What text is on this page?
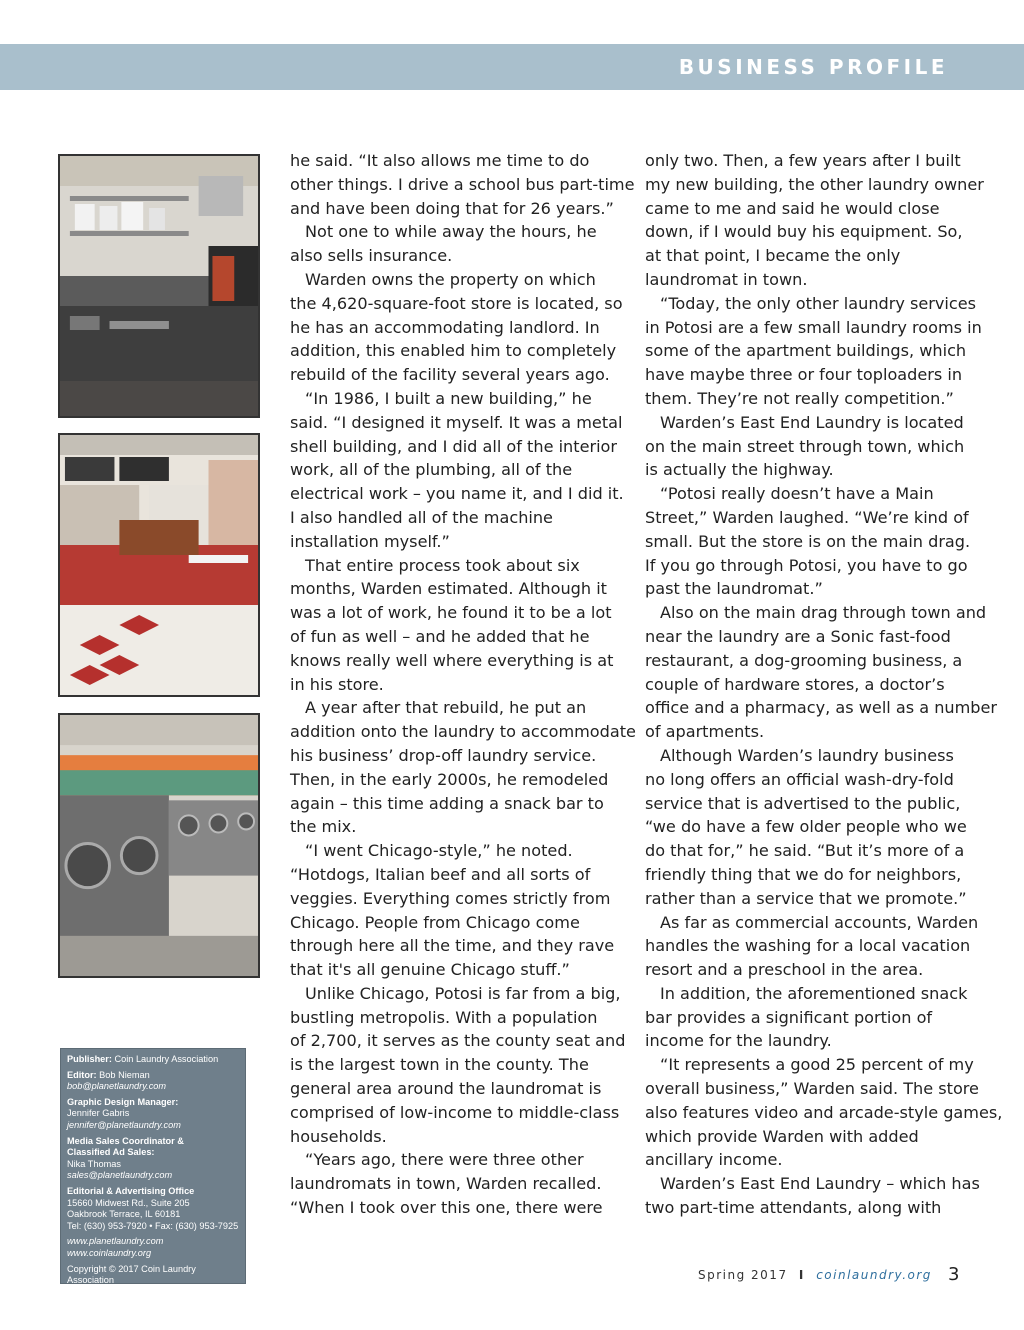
BUSINESS PROFILE
Publisher: Coin Laundry Association
Editor: Bob Nieman
bob@planetlaundry.com
Graphic Design Manager:
Jennifer Gabris
jennifer@planetlaundry.com
Media Sales Coordinator &
Classified Ad Sales:
Nika Thomas
sales@planetlaundry.com
Editorial & Advertising Office
15660 Midwest Rd., Suite 205
Oakbrook Terrace, IL 60181
Tel: (630) 953-7920 • Fax: (630) 953-7925
www.planetlaundry.com
www.coinlaundry.org
Copyright © 2017 Coin Laundry Association

he said. “It also allows me time to do

other things. I drive a school bus part-time

and have been doing that for 26 years.”

Not one to while away the hours, he

also sells insurance.

Warden owns the property on which

the 4,620-square-foot store is located, so

he has an accommodating landlord. In

addition, this enabled him to completely

rebuild of the facility several years ago.

“In 1986, I built a new building,” he

said. “I designed it myself. It was a metal

shell building, and I did all of the interior

work, all of the plumbing, all of the

electrical work – you name it, and I did it.

I also handled all of the machine

installation myself.”

That entire process took about six

months, Warden estimated. Although it

was a lot of work, he found it to be a lot

of fun as well – and he added that he

knows really well where everything is at

in his store.

A year after that rebuild, he put an

addition onto the laundry to accommodate

his business’ drop-off laundry service.

Then, in the early 2000s, he remodeled

again – this time adding a snack bar to

the mix.

“I went Chicago-style,” he noted.

“Hotdogs, Italian beef and all sorts of

veggies. Everything comes strictly from

Chicago. People from Chicago come

through here all the time, and they rave

that it's all genuine Chicago stuff.”

Unlike Chicago, Potosi is far from a big,

bustling metropolis. With a population

of 2,700, it serves as the county seat and

is the largest town in the county. The

general area around the laundromat is

comprised of low-income to middle-class

households.

“Years ago, there were three other

laundromats in town, Warden recalled.

“When I took over this one, there were

only two. Then, a few years after I built

my new building, the other laundry owner

came to me and said he would close

down, if I would buy his equipment. So,

at that point, I became the only

laundromat in town.

“Today, the only other laundry services

in Potosi are a few small laundry rooms in

some of the apartment buildings, which

have maybe three or four toploaders in

them. They’re not really competition.”

Warden’s East End Laundry is located

on the main street through town, which

is actually the highway.

“Potosi really doesn’t have a Main

Street,” Warden laughed. “We’re kind of

small. But the store is on the main drag.

If you go through Potosi, you have to go

past the laundromat.”

Also on the main drag through town and

near the laundry are a Sonic fast-food

restaurant, a dog-grooming business, a

couple of hardware stores, a doctor’s

office and a pharmacy, as well as a number

of apartments.

Although Warden’s laundry business

no long offers an official wash-dry-fold

service that is advertised to the public,

“we do have a few older people who we

do that for,” he said. “But it’s more of a

friendly thing that we do for neighbors,

rather than a service that we promote.”

As far as commercial accounts, Warden

handles the washing for a local vacation

resort and a preschool in the area.

In addition, the aforementioned snack

bar provides a significant portion of

income for the laundry.

“It represents a good 25 percent of my

overall business,” Warden said. The store

also features video and arcade-style games,

which provide Warden with added

ancillary income.

Warden’s East End Laundry – which has

two part-time attendants, along with

Spring 2017 I coinlaundry.org 3
